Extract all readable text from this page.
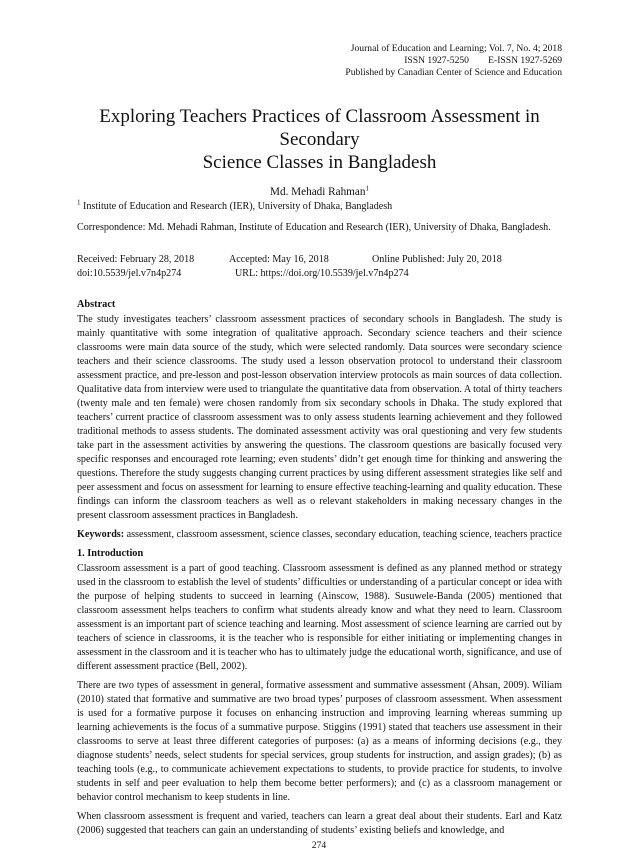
Journal of Education and Learning; Vol. 7, No. 4; 2018
ISSN 1927-5250        E-ISSN 1927-5269
Published by Canadian Center of Science and Education
Exploring Teachers Practices of Classroom Assessment in Secondary
Science Classes in Bangladesh
Md. Mehadi Rahman$^1$

$^1$ Institute of Education and Research (IER), University of Dhaka, Bangladesh

Correspondence: Md. Mehadi Rahman, Institute of Education and Research (IER), University of Dhaka, Bangladesh.

Received: February 28, 2018	Accepted: May 16, 2018	Online Published: July 20, 2018
doi:10.5539/jel.v7n4p274	URL: https://doi.org/10.5539/jel.v7n4p274
Abstract

The study investigates teachers’ classroom assessment practices of secondary schools in Bangladesh. The study is mainly quantitative with some integration of qualitative approach. Secondary science teachers and their science classrooms were main data source of the study, which were selected randomly. Data sources were secondary science teachers and their science classrooms. The study used a lesson observation protocol to understand their classroom assessment practice, and pre-lesson and post-lesson observation interview protocols as main sources of data collection. Qualitative data from interview were used to triangulate the quantitative data from observation. A total of thirty teachers (twenty male and ten female) were chosen randomly from six secondary schools in Dhaka. The study explored that teachers’ current practice of classroom assessment was to only assess students learning achievement and they followed traditional methods to assess students. The dominated assessment activity was oral questioning and very few students take part in the assessment activities by answering the questions. The classroom questions are basically focused very specific responses and encouraged rote learning; even students’ didn’t get enough time for thinking and answering the questions. Therefore the study suggests changing current practices by using different assessment strategies like self and peer assessment and focus on assessment for learning to ensure effective teaching-learning and quality education. These findings can inform the classroom teachers as well as o relevant stakeholders in making necessary changes in the present classroom assessment practices in Bangladesh.

Keywords: assessment, classroom assessment, science classes, secondary education, teaching science, teachers practice

1. Introduction

Classroom assessment is a part of good teaching. Classroom assessment is defined as any planned method or strategy used in the classroom to establish the level of students’ difficulties or understanding of a particular concept or idea with the purpose of helping students to succeed in learning (Ainscow, 1988). Susuwele-Banda (2005) mentioned that classroom assessment helps teachers to confirm what students already know and what they need to learn. Classroom assessment is an important part of science teaching and learning. Most assessment of science learning are carried out by teachers of science in classrooms, it is the teacher who is responsible for either initiating or implementing changes in assessment in the classroom and it is teacher who has to ultimately judge the educational worth, significance, and use of different assessment practice (Bell, 2002).

There are two types of assessment in general, formative assessment and summative assessment (Ahsan, 2009). Wiliam (2010) stated that formative and summative are two broad types’ purposes of classroom assessment. When assessment is used for a formative purpose it focuses on enhancing instruction and improving learning whereas summing up learning achievements is the focus of a summative purpose. Stiggins (1991) stated that teachers use assessment in their classrooms to serve at least three different categories of purposes: (a) as a means of informing decisions (e.g., they diagnose students’ needs, select students for special services, group students for instruction, and assign grades); (b) as teaching tools (e.g., to communicate achievement expectations to students, to provide practice for students, to involve students in self and peer evaluation to help them become better performers); and (c) as a classroom management or behavior control mechanism to keep students in line.

When classroom assessment is frequent and varied, teachers can learn a great deal about their students. Earl and Katz (2006) suggested that teachers can gain an understanding of students’ existing beliefs and knowledge, and

274
